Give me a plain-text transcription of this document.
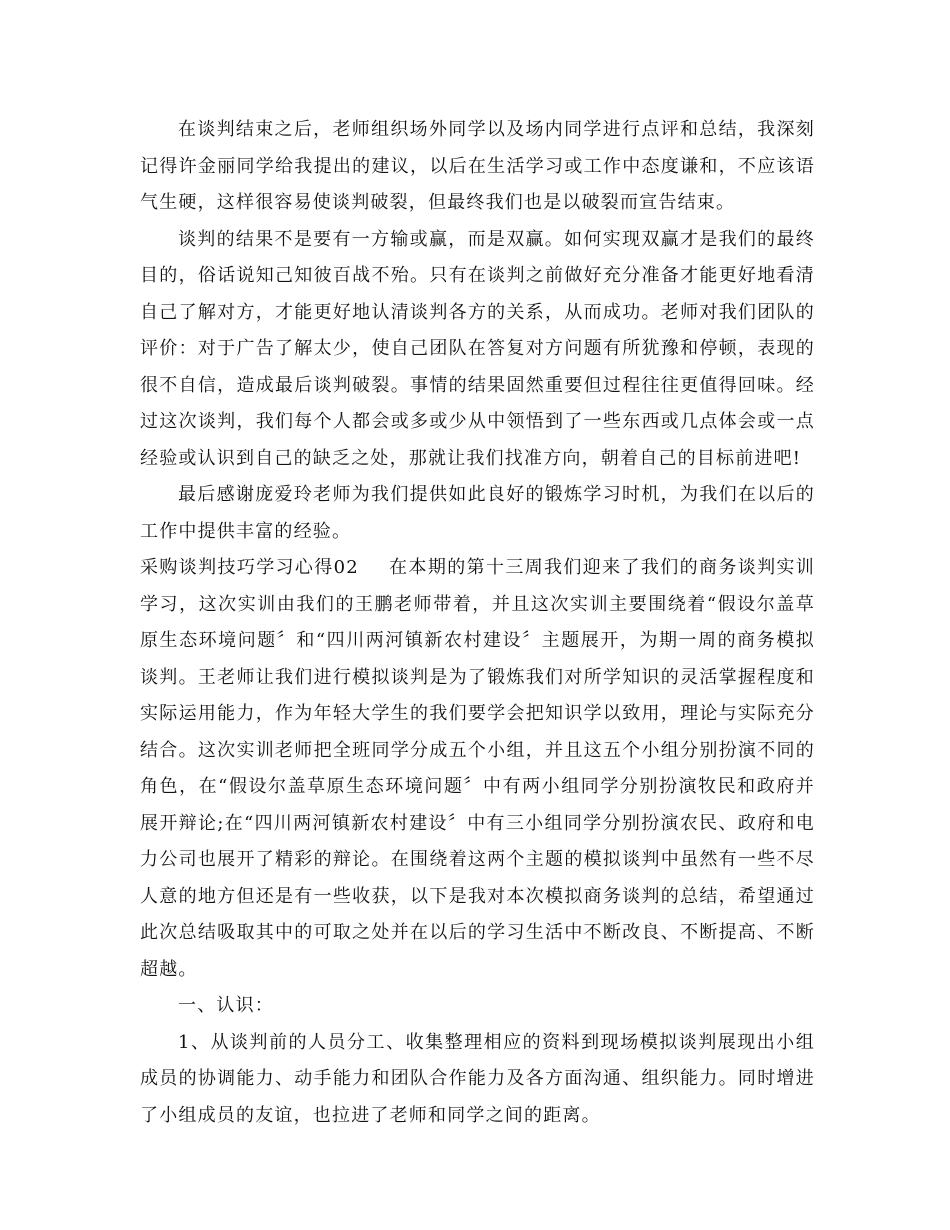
在谈判结束之后，老师组织场外同学以及场内同学进行点评和总结，我深刻记得许金丽同学给我提出的建议，以后在生活学习或工作中态度谦和，不应该语气生硬，这样很容易使谈判破裂，但最终我们也是以破裂而宣告结束。

谈判的结果不是要有一方输或赢，而是双赢。如何实现双赢才是我们的最终目的，俗话说知己知彼百战不殆。只有在谈判之前做好充分准备才能更好地看清自己了解对方，才能更好地认清谈判各方的关系，从而成功。老师对我们团队的评价：对于广告了解太少，使自己团队在答复对方问题有所犹豫和停顿，表现的很不自信，造成最后谈判破裂。事情的结果固然重要但过程往往更值得回味。经过这次谈判，我们每个人都会或多或少从中领悟到了一些东西或几点体会或一点经验或认识到自己的缺乏之处，那就让我们找准方向，朝着自己的目标前进吧!

最后感谢庞爱玲老师为我们提供如此良好的锻炼学习时机，为我们在以后的工作中提供丰富的经验。

采购谈判技巧学习心得02 在本期的第十三周我们迎来了我们的商务谈判实训学习，这次实训由我们的王鹏老师带着，并且这次实训主要围绕着“假设尔盖草原生态环境问题〞和“四川两河镇新农村建设〞主题展开，为期一周的商务模拟谈判。王老师让我们进行模拟谈判是为了锻炼我们对所学知识的灵活掌握程度和实际运用能力，作为年轻大学生的我们要学会把知识学以致用，理论与实际充分结合。这次实训老师把全班同学分成五个小组，并且这五个小组分别扮演不同的角色，在“假设尔盖草原生态环境问题〞中有两小组同学分别扮演牧民和政府并展开辩论;在“四川两河镇新农村建设〞中有三小组同学分别扮演农民、政府和电力公司也展开了精彩的辩论。在围绕着这两个主题的模拟谈判中虽然有一些不尽人意的地方但还是有一些收获，以下是我对本次模拟商务谈判的总结，希望通过此次总结吸取其中的可取之处并在以后的学习生活中不断改良、不断提高、不断超越。

一、认识：

1、从谈判前的人员分工、收集整理相应的资料到现场模拟谈判展现出小组成员的协调能力、动手能力和团队合作能力及各方面沟通、组织能力。同时增进了小组成员的友谊，也拉进了老师和同学之间的距离。
